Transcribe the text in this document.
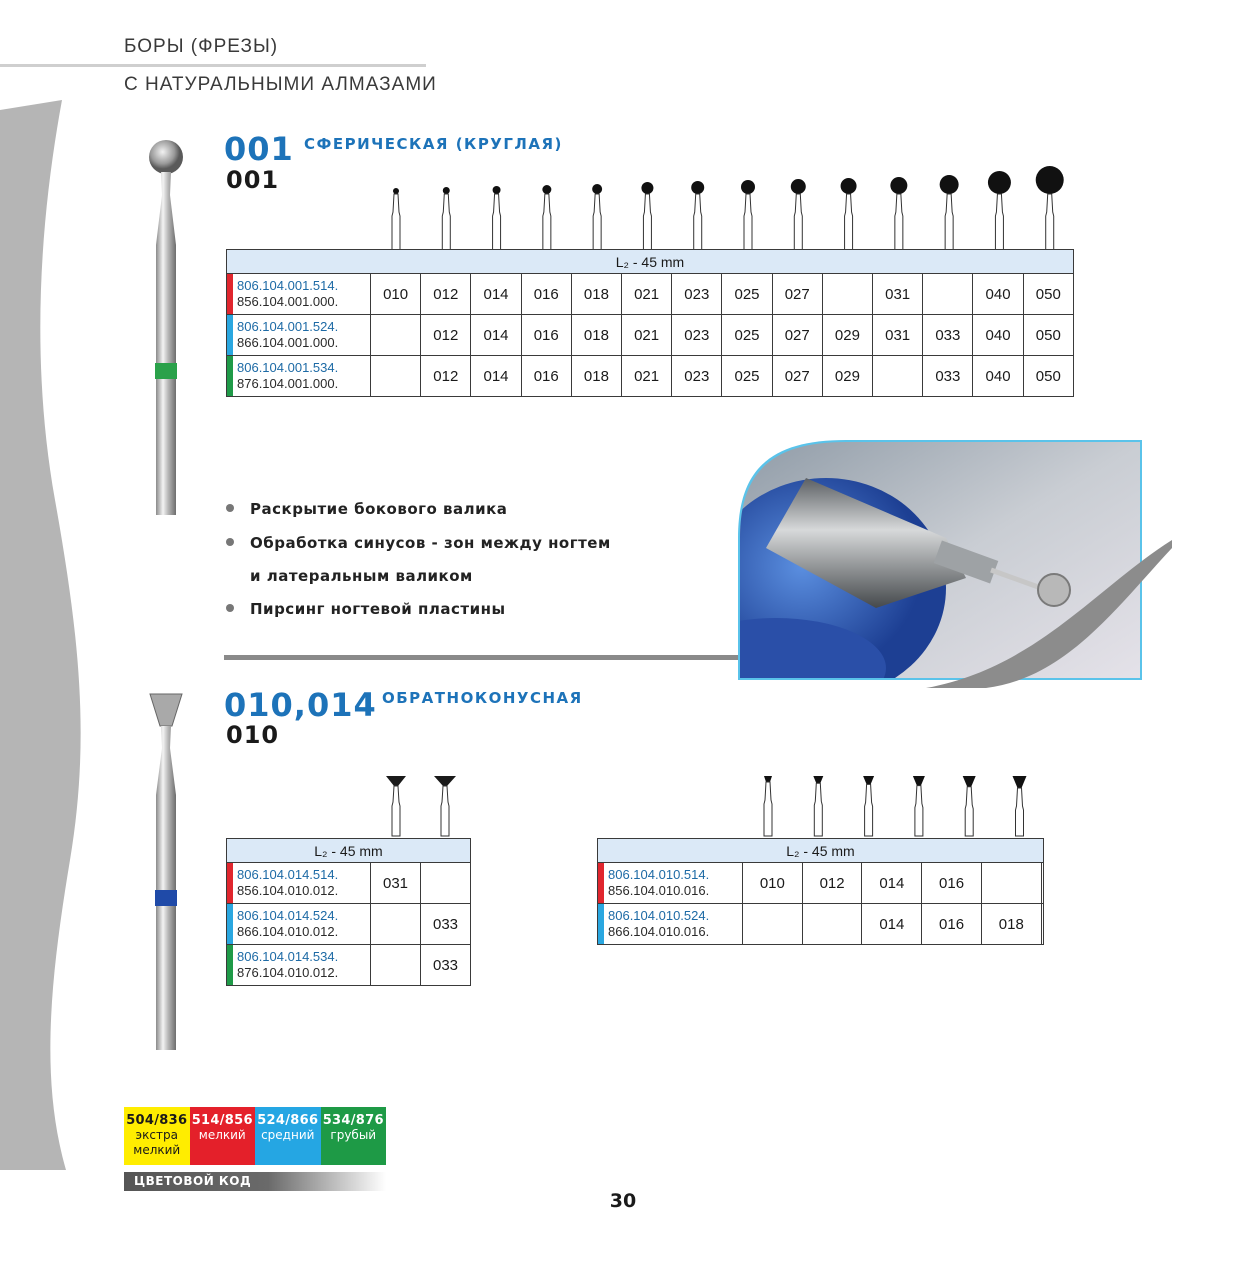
БОРЫ (ФРЕЗЫ)
С НАТУРАЛЬНЫМИ АЛМАЗАМИ
001
001
СФЕРИЧЕСКАЯ (КРУГЛАЯ)
L₂ - 45 mm														

806.104.001.514.
856.104.001.000.	010	012	014	016	018	021	023	025	027		031		040	050

806.104.001.524.
866.104.001.000.		012	014	016	018	021	023	025	027	029	031	033	040	050

806.104.001.534.
876.104.001.000.		012	014	016	018	021	023	025	027	029		033	040	050
Раскрытие бокового валика
Обработка синусов - зон между ногтем
и латеральным валиком
Пирсинг ногтевой пластины
010,014
010
ОБРАТНОКОНУСНАЯ
L₂ - 45 mm		

806.104.014.514.
856.104.010.012.	031	

806.104.014.524.
866.104.010.012.		033

806.104.014.534.
876.104.010.012.		033
L₂ - 45 mm						

806.104.010.514.
856.104.010.016.	010	012	014	016		

806.104.010.524.
866.104.010.016.			014	016	018	
504/836
экстра
мелкий
514/856
мелкий
524/866
средний
534/876
грубый
ЦВЕТОВОЙ КОД
30
